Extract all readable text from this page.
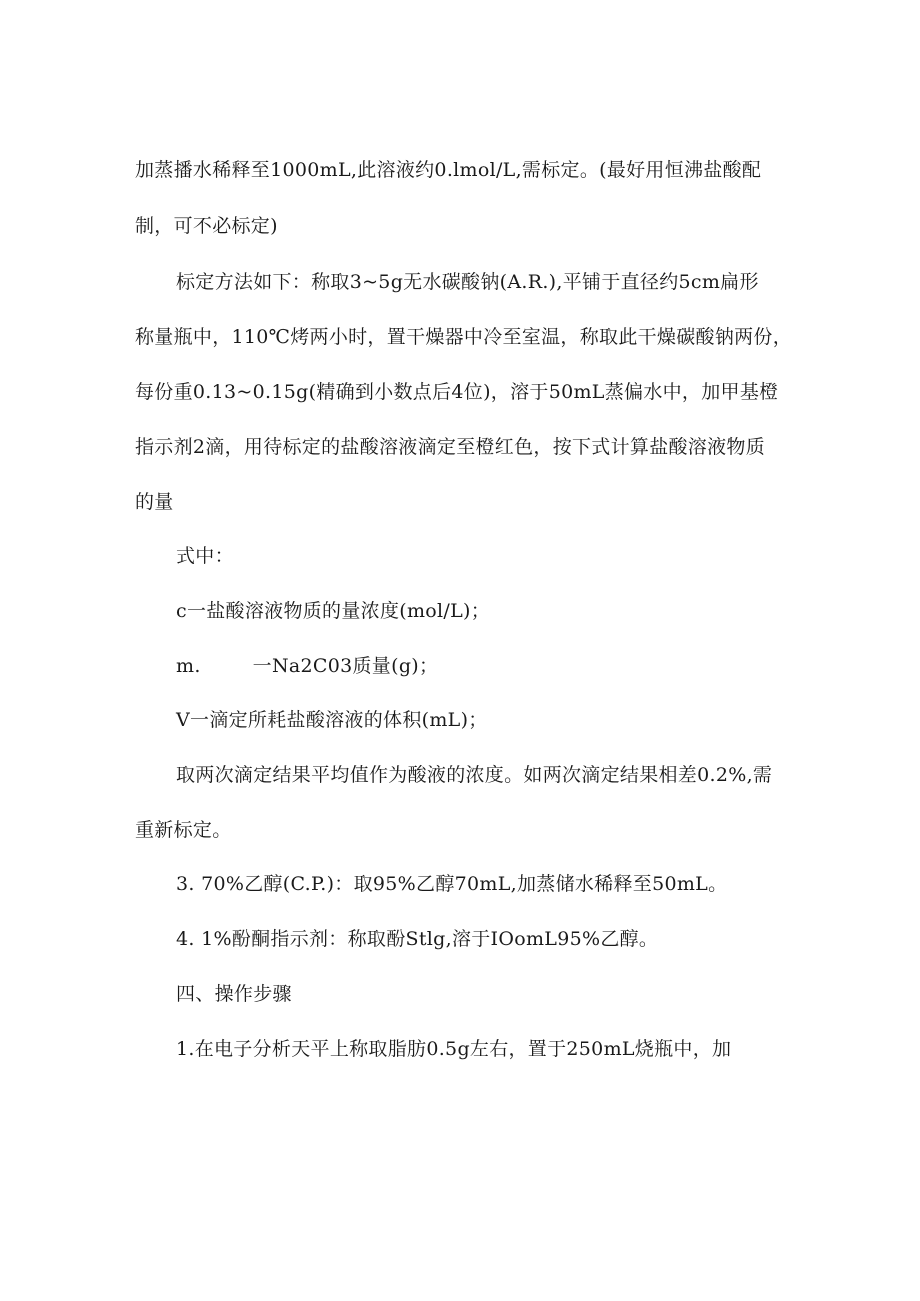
加蒸播水稀释至1000mL,此溶液约0.lmol/L,需标定。(最好用恒沸盐酸配
制，可不必标定)
标定方法如下：称取3~5g无水碳酸钠(A.R.),平铺于直径约5cm扁形
称量瓶中，110℃烤两小时，置干燥器中冷至室温，称取此干燥碳酸钠两份，
每份重0.13~0.15g(精确到小数点后4位)，溶于50mL蒸偏水中，加甲基橙
指示剂2滴，用待标定的盐酸溶液滴定至橙红色，按下式计算盐酸溶液物质
的量
式中：
c一盐酸溶液物质的量浓度(mol/L)；
m.	一Na2C03质量(g)；
V一滴定所耗盐酸溶液的体积(mL)；
取两次滴定结果平均值作为酸液的浓度。如两次滴定结果相差0.2%,需
重新标定。
3. 70%乙醇(C.P.)：取95%乙醇70mL,加蒸储水稀释至50mL。
4. 1%酚酮指示剂：称取酚Stlg,溶于IOomL95%乙醇。
四、操作步骤
1.在电子分析天平上称取脂肪0.5g左右，置于250mL烧瓶中，加
